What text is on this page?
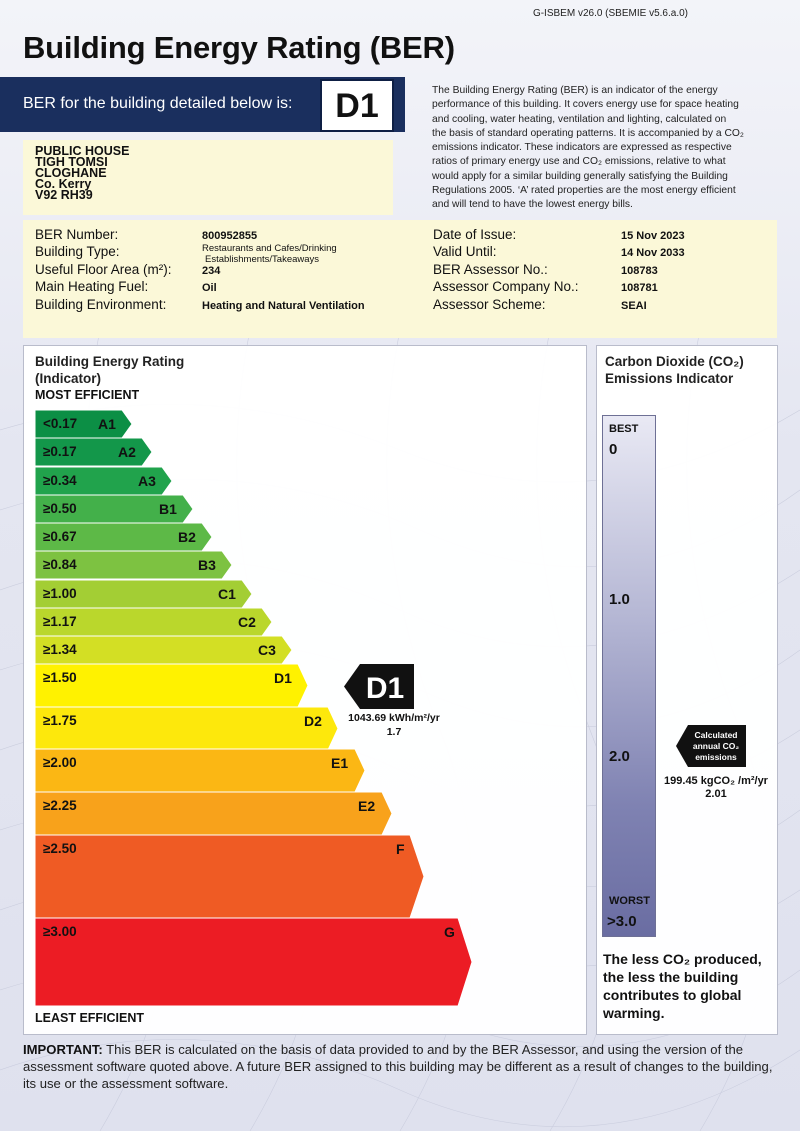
G-ISBEM v26.0 (SBEMIE v5.6.a.0)
Building Energy Rating (BER)
BER for the building detailed below is:	D1	The Building Energy Rating (BER) is an indicator of the energy
performance of this building. It covers energy use for space heating
and cooling, water heating, ventilation and lighting, calculated on
the basis of standard operating patterns. It is accompanied by a CO₂
emissions indicator. These indicators are expressed as respective
ratios of primary energy use and CO₂ emissions, relative to what
would apply for a similar building generally satisfying the Building
Regulations 2005. ‘A’ rated properties are the most energy efficient
and will tend to have the lowest energy bills.
PUBLIC HOUSE
TIGH TOMSI
CLOGHANE
Co. Kerry
V92 RH39
BER Number:	800952855
Building Type:	Restaurants and Cafes/Drinking
Establishments/Takeaways
Useful Floor Area (m²):	234
Main Heating Fuel:	Oil
Building Environment:	Heating and Natural Ventilation
Date of Issue:	15 Nov 2023
Valid Until:	14 Nov 2033
BER Assessor No.:	108783
Assessor Company No.:	108781
Assessor Scheme:	SEAI
Building Energy Rating
(Indicator)
MOST EFFICIENT
LEAST EFFICIENT
<0.17 A1
≥0.17	A2
≥0.34	A3
≥0.50	B1
≥0.67	B2
≥0.84	B3
≥1.00	C1
≥1.17	C2
≥1.34	C3
≥1.50	D1
≥1.75	D2
≥2.00	E1
≥2.25	E2
≥2.50	F
≥3.00	G
D1
1043.69 kWh/m²/yr
1.7
Carbon Dioxide (CO₂)
Emissions Indicator
BEST
0
1.0
2.0
WORST
>3.0
Calculated
annual CO₂
emissions
199.45 kgCO₂ /m²/yr
2.01
The less CO₂ produced, the less the building contributes to global warming.
IMPORTANT: This BER is calculated on the basis of data provided to and by the BER Assessor, and using the version of the assessment software quoted above. A future BER assigned to this building may be different as a result of changes to the building, its use or the assessment software.
